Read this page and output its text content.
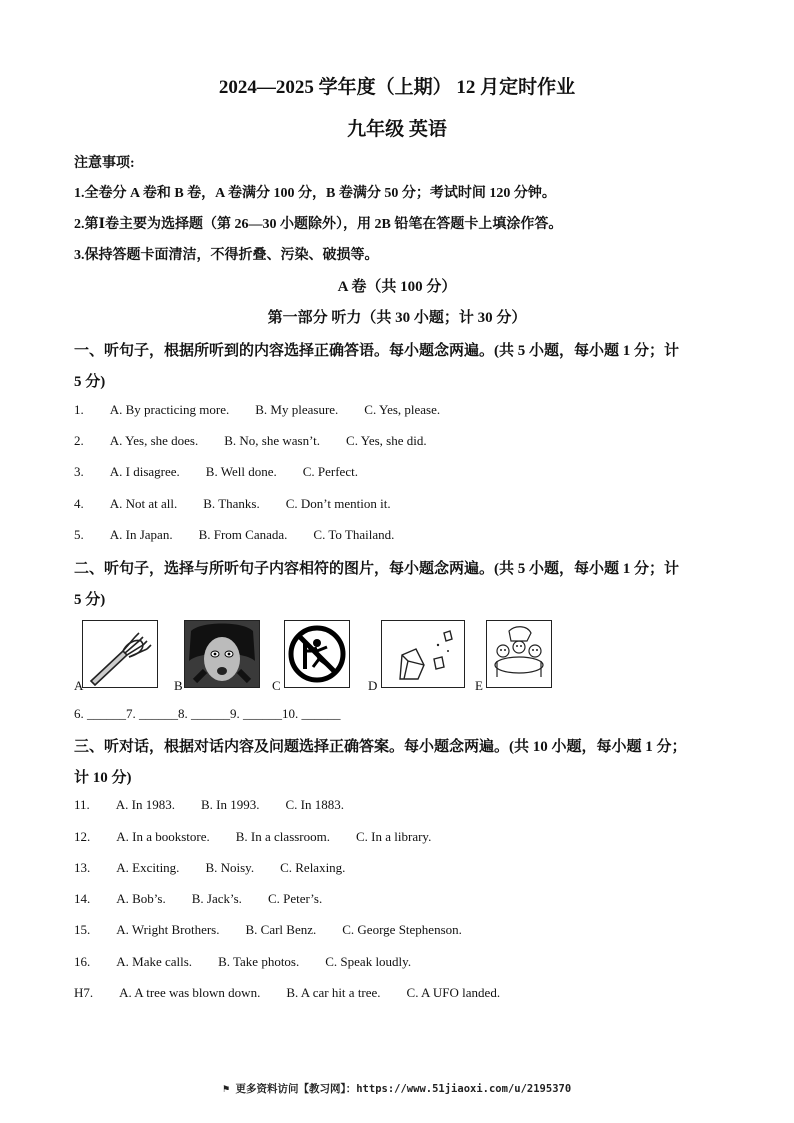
2024—2025 学年度（上期） 12 月定时作业
九年级 英语
注意事项:
1.全卷分 A 卷和 B 卷，A 卷满分 100 分，B 卷满分 50 分；考试时间 120 分钟。
2.第Ⅰ卷主要为选择题（第 26—30 小题除外），用 2B 铅笔在答题卡上填涂作答。
3.保持答题卡面清洁，不得折叠、污染、破损等。
A 卷（共 100 分）
第一部分 听力（共 30 小题；计 30 分）
一、听句子，根据所听到的内容选择正确答语。每小题念两遍。(共 5 小题，每小题 1 分；计
5 分)
1. A. By practicing more. B. My pleasure. C. Yes, please.
2. A. Yes, she does. B. No, she wasn’t. C. Yes, she did.
3. A. I disagree. B. Well done. C. Perfect.
4. A. Not at all. B. Thanks. C. Don’t mention it.
5. A. In Japan. B. From Canada. C. To Thailand.
二、听句子，选择与所听句子内容相符的图片，每小题念两遍。(共 5 小题，每小题 1 分；计
5 分)
A	B	C	D	E
6. ______7. ______8. ______9. ______10. ______
三、听对话，根据对话内容及问题选择正确答案。每小题念两遍。(共 10 小题，每小题 1 分；
计 10 分)
11. A. In 1983. B. In 1993. C. In 1883.
12. A. In a bookstore. B. In a classroom. C. In a library.
13. A. Exciting. B. Noisy. C. Relaxing.
14. A. Bob’s. B. Jack’s. C. Peter’s.
15. A. Wright Brothers. B. Carl Benz. C. George Stephenson.
16. A. Make calls. B. Take photos. C. Speak loudly.
H7. A. A tree was blown down. B. A car hit a tree. C. A UFO landed.
⚑ 更多资料访问【教习网】：https://www.51jiaoxi.com/u/2195370
